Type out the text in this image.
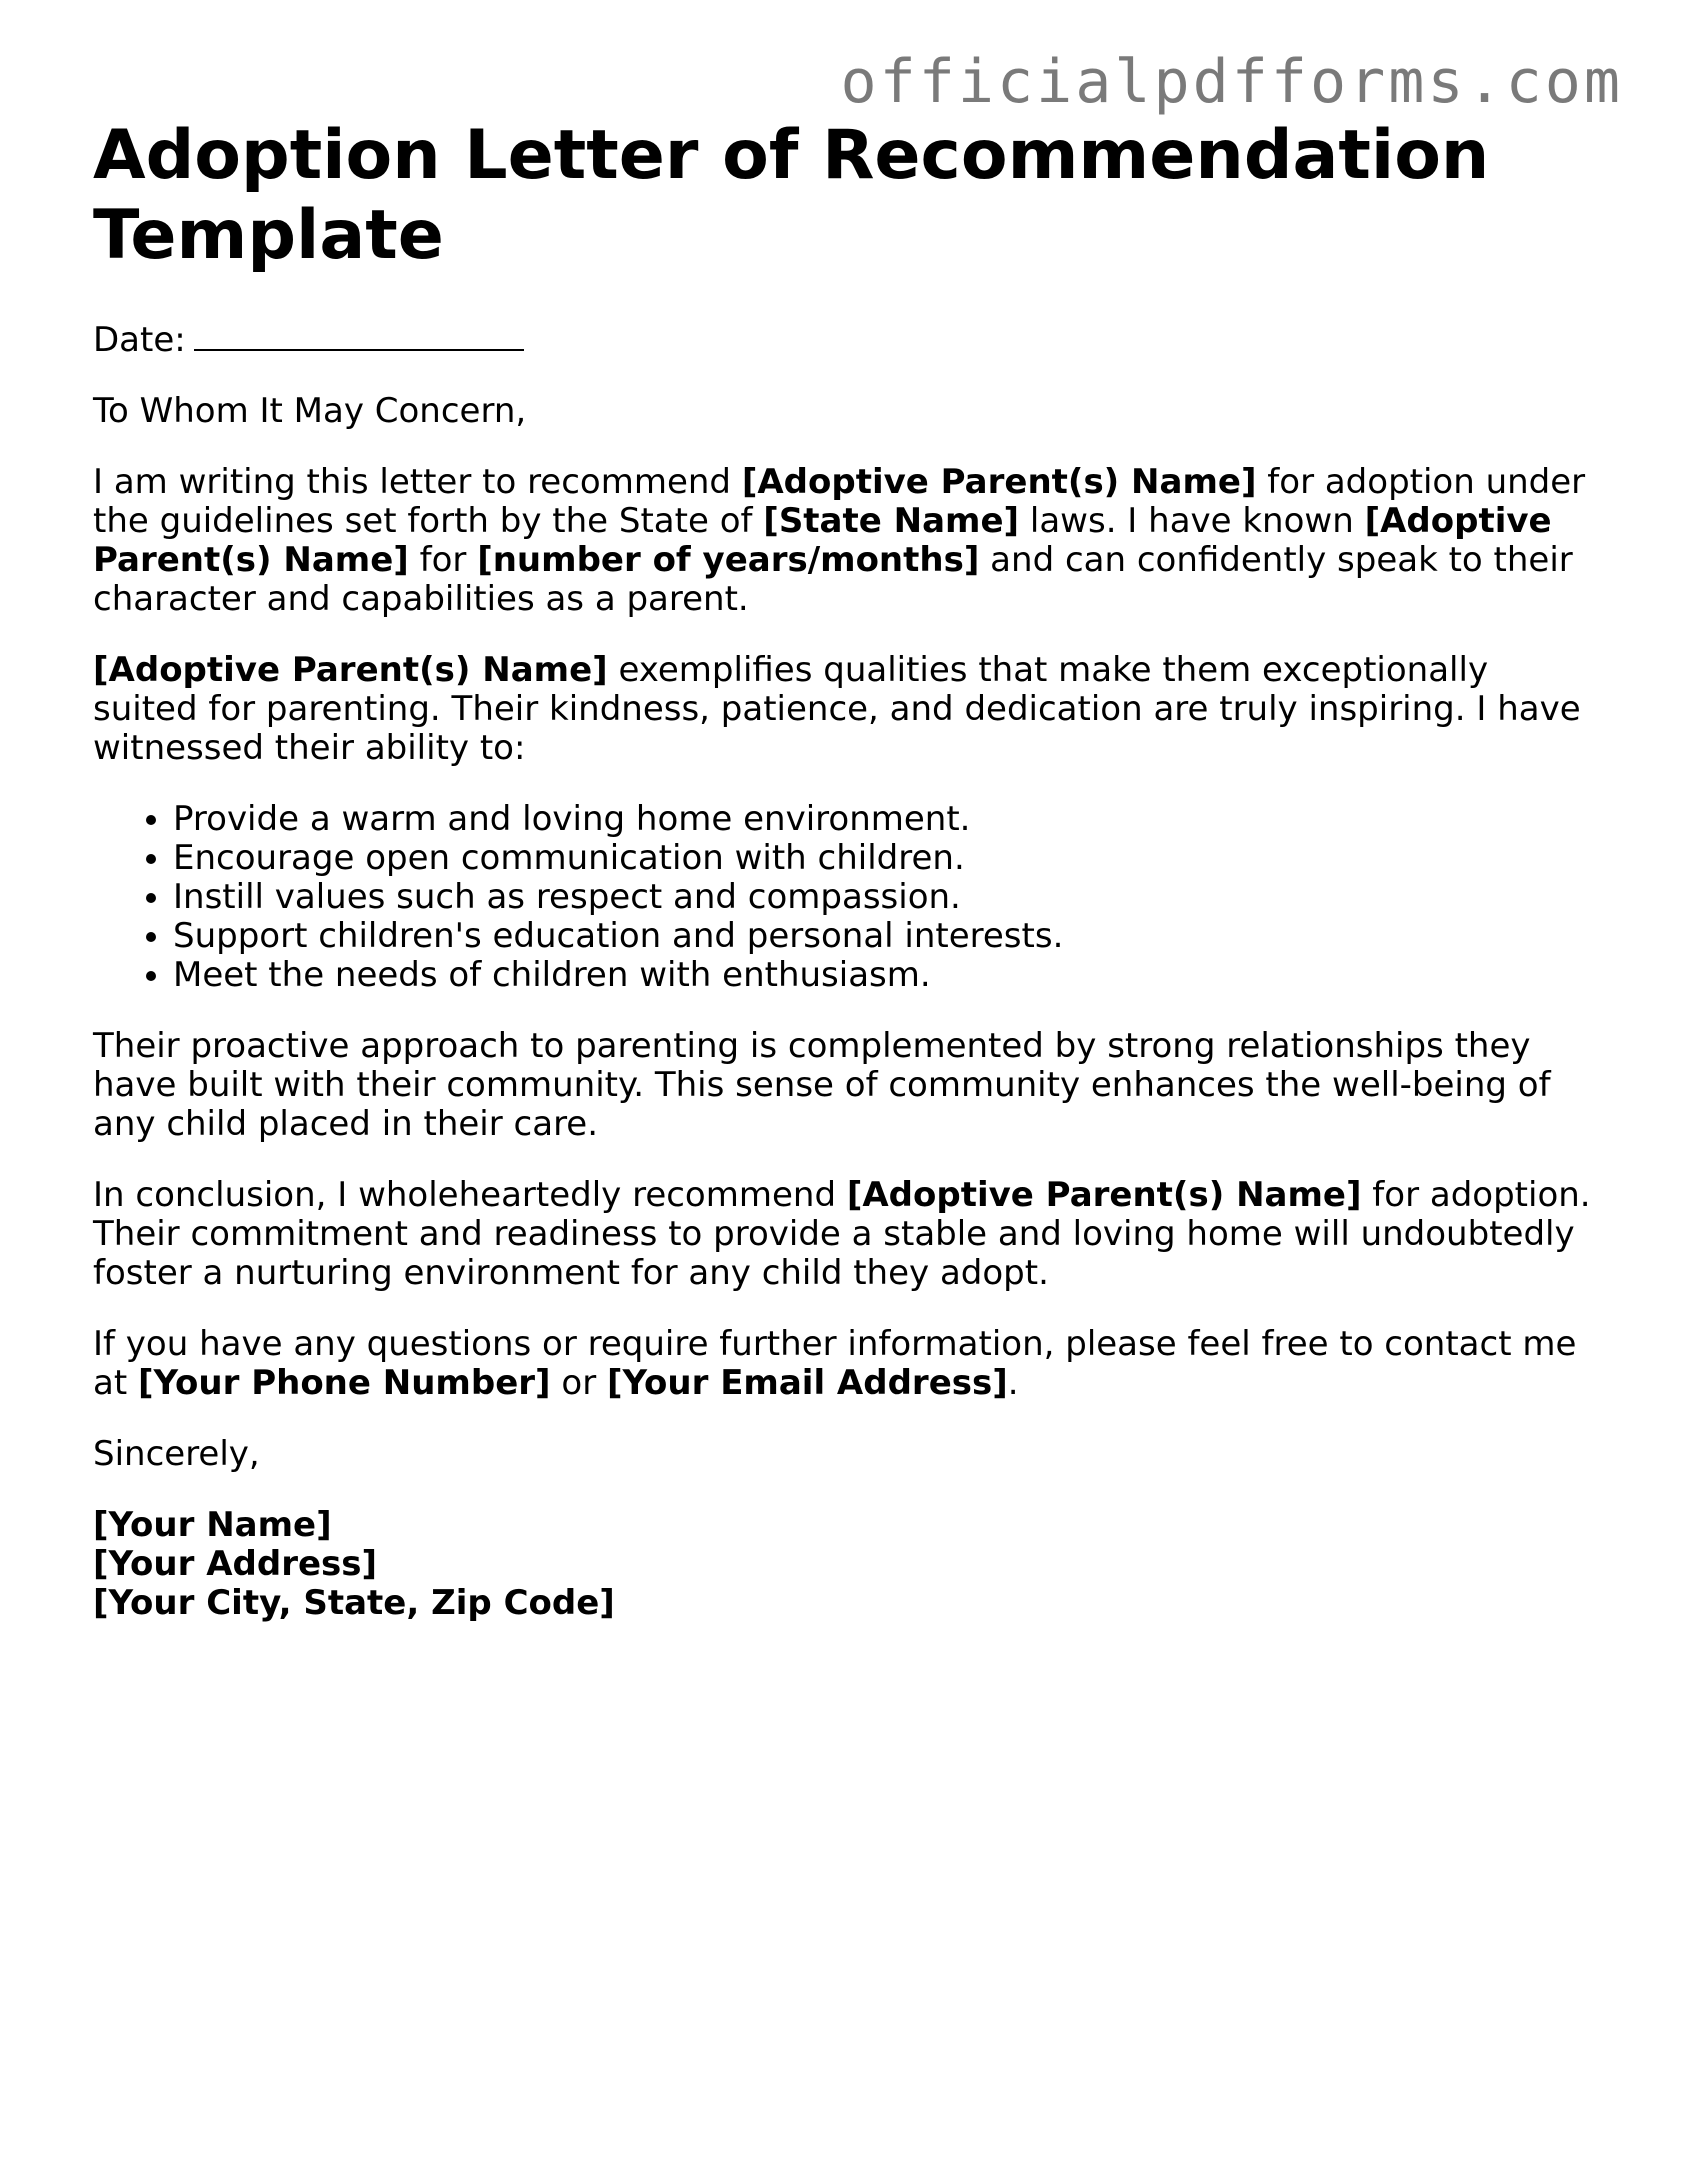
officialpdfforms.com
Adoption Letter of Recommendation Template

Date:

To Whom It May Concern,

I am writing this letter to recommend [Adoptive Parent(s) Name] for adoption under the guidelines set forth by the State of [State Name] laws. I have known [Adoptive Parent(s) Name] for [number of years/months] and can confidently speak to their character and capabilities as a parent.

[Adoptive Parent(s) Name] exemplifies qualities that make them exceptionally suited for parenting. Their kindness, patience, and dedication are truly inspiring. I have witnessed their ability to:

• Provide a warm and loving home environment.
• Encourage open communication with children.
• Instill values such as respect and compassion.
• Support children's education and personal interests.
• Meet the needs of children with enthusiasm.

Their proactive approach to parenting is complemented by strong relationships they have built with their community. This sense of community enhances the well-being of any child placed in their care.

In conclusion, I wholeheartedly recommend [Adoptive Parent(s) Name] for adoption. Their commitment and readiness to provide a stable and loving home will undoubtedly foster a nurturing environment for any child they adopt.

If you have any questions or require further information, please feel free to contact me at [Your Phone Number] or [Your Email Address].

Sincerely,

[Your Name]
[Your Address]
[Your City, State, Zip Code]
